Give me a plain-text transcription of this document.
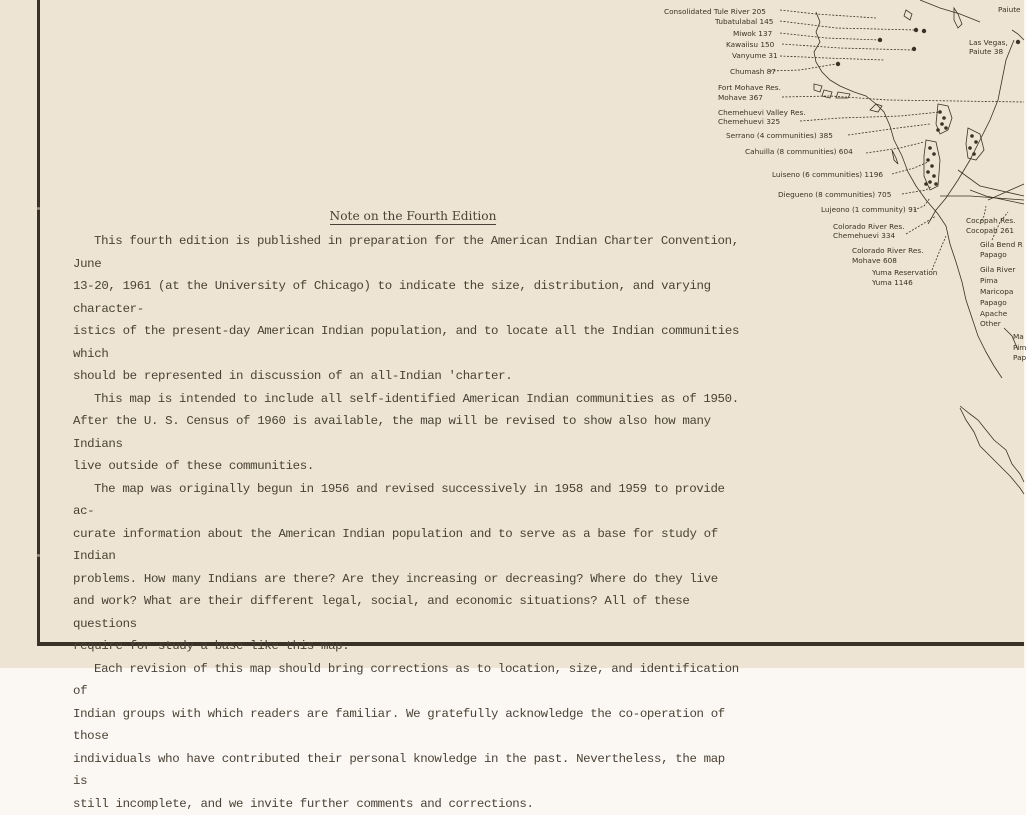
Consolidated Tule River 205
Tubatulabal 145
Miwok 137
Kawaiisu 150
Vanyume 31
Chumash 87
Fort Mohave Res.
Mohave 367
Chemehuevi Valley Res.
Chemehuevi 325
Serrano (4 communities) 385
Cahuilla (8 communities) 604
Luiseno (6 communities) 1196
Diegueno (8 communities) 705
Lujeono (1 community) 91
Colorado River Res.
Chemehuevi 334
Colorado River Res.
Mohave 608
Yuma Reservation
Yuma 1146
Las Vegas,
Paiute 38
Paiute
Cocopah Res.
Cocopah 261
Gila Bend R
Papago
Gila River
Pima
Maricopa
Papago
Apache
Other
Ma
Pim
Pap
Note on the Fourth Edition

This fourth edition is published in preparation for the American Indian Charter Convention, June
13-20, 1961 (at the University of Chicago) to indicate the size, distribution, and varying character-
istics of the present-day American Indian population, and to locate all the Indian communities which
should be represented in discussion of an all-Indian 'charter.

This map is intended to include all self-identified American Indian communities as of 1950.
After the U. S. Census of 1960 is available, the map will be revised to show also how many Indians
live outside of these communities.

The map was originally begun in 1956 and revised successively in 1958 and 1959 to provide ac-
curate information about the American Indian population and to serve as a base for study of Indian
problems. How many Indians are there? Are they increasing or decreasing? Where do they live
and work? What are their different legal, social, and economic situations? All of these questions
require for study a base like this map.

Each revision of this map should bring corrections as to location, size, and identification of
Indian groups with which readers are familiar. We gratefully acknowledge the co-operation of those
individuals who have contributed their personal knowledge in the past. Nevertheless, the map is
still incomplete, and we invite further comments and corrections.
